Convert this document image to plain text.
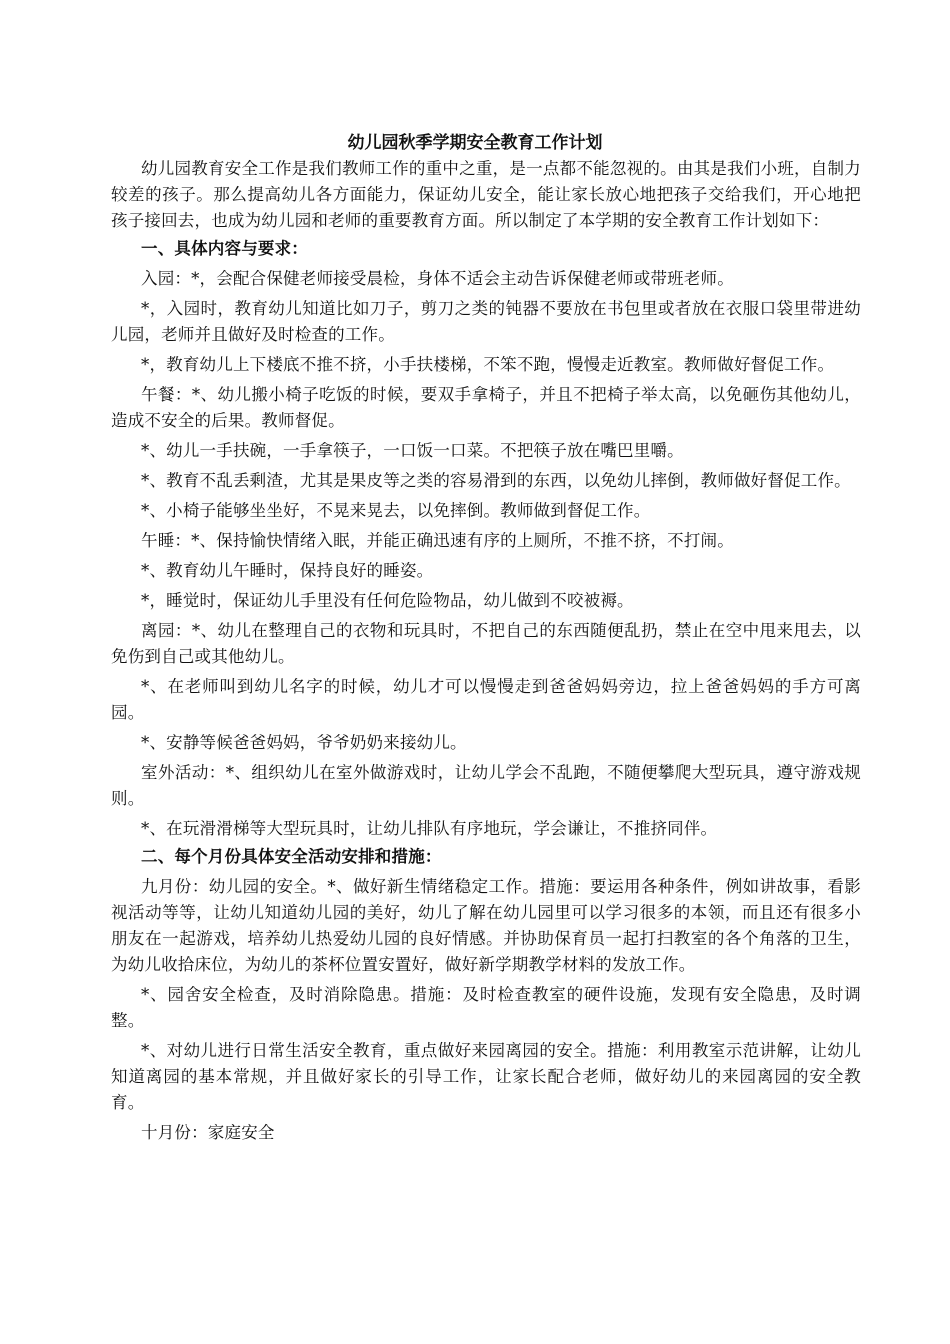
幼儿园秋季学期安全教育工作计划

幼儿园教育安全工作是我们教师工作的重中之重，是一点都不能忽视的。由其是我们小班，自制力较差的孩子。那么提高幼儿各方面能力，保证幼儿安全，能让家长放心地把孩子交给我们，开心地把孩子接回去，也成为幼儿园和老师的重要教育方面。所以制定了本学期的安全教育工作计划如下：

一、具体内容与要求：

入园：*，会配合保健老师接受晨检，身体不适会主动告诉保健老师或带班老师。

*，入园时，教育幼儿知道比如刀子，剪刀之类的钝器不要放在书包里或者放在衣服口袋里带进幼儿园，老师并且做好及时检查的工作。

*，教育幼儿上下楼底不推不挤，小手扶楼梯，不笨不跑，慢慢走近教室。教师做好督促工作。

午餐：*、幼儿搬小椅子吃饭的时候，要双手拿椅子，并且不把椅子举太高，以免砸伤其他幼儿，造成不安全的后果。教师督促。

*、幼儿一手扶碗，一手拿筷子，一口饭一口菜。不把筷子放在嘴巴里嚼。

*、教育不乱丢剩渣，尤其是果皮等之类的容易滑到的东西，以免幼儿摔倒，教师做好督促工作。

*、小椅子能够坐坐好，不晃来晃去，以免摔倒。教师做到督促工作。

午睡：*、保持愉快情绪入眠，并能正确迅速有序的上厕所，不推不挤，不打闹。

*、教育幼儿午睡时，保持良好的睡姿。

*，睡觉时，保证幼儿手里没有任何危险物品，幼儿做到不咬被褥。

离园：*、幼儿在整理自己的衣物和玩具时，不把自己的东西随便乱扔，禁止在空中甩来甩去，以免伤到自己或其他幼儿。

*、在老师叫到幼儿名字的时候，幼儿才可以慢慢走到爸爸妈妈旁边，拉上爸爸妈妈的手方可离园。

*、安静等候爸爸妈妈，爷爷奶奶来接幼儿。

室外活动：*、组织幼儿在室外做游戏时，让幼儿学会不乱跑，不随便攀爬大型玩具，遵守游戏规则。

*、在玩滑滑梯等大型玩具时，让幼儿排队有序地玩，学会谦让，不推挤同伴。

二、每个月份具体安全活动安排和措施：

九月份：幼儿园的安全。*、做好新生情绪稳定工作。措施：要运用各种条件，例如讲故事，看影视活动等等，让幼儿知道幼儿园的美好，幼儿了解在幼儿园里可以学习很多的本领，而且还有很多小朋友在一起游戏，培养幼儿热爱幼儿园的良好情感。并协助保育员一起打扫教室的各个角落的卫生，为幼儿收拾床位，为幼儿的茶杯位置安置好，做好新学期教学材料的发放工作。

*、园舍安全检查，及时消除隐患。措施：及时检查教室的硬件设施，发现有安全隐患，及时调整。

*、对幼儿进行日常生活安全教育，重点做好来园离园的安全。措施：利用教室示范讲解，让幼儿知道离园的基本常规，并且做好家长的引导工作，让家长配合老师，做好幼儿的来园离园的安全教育。

十月份：家庭安全
